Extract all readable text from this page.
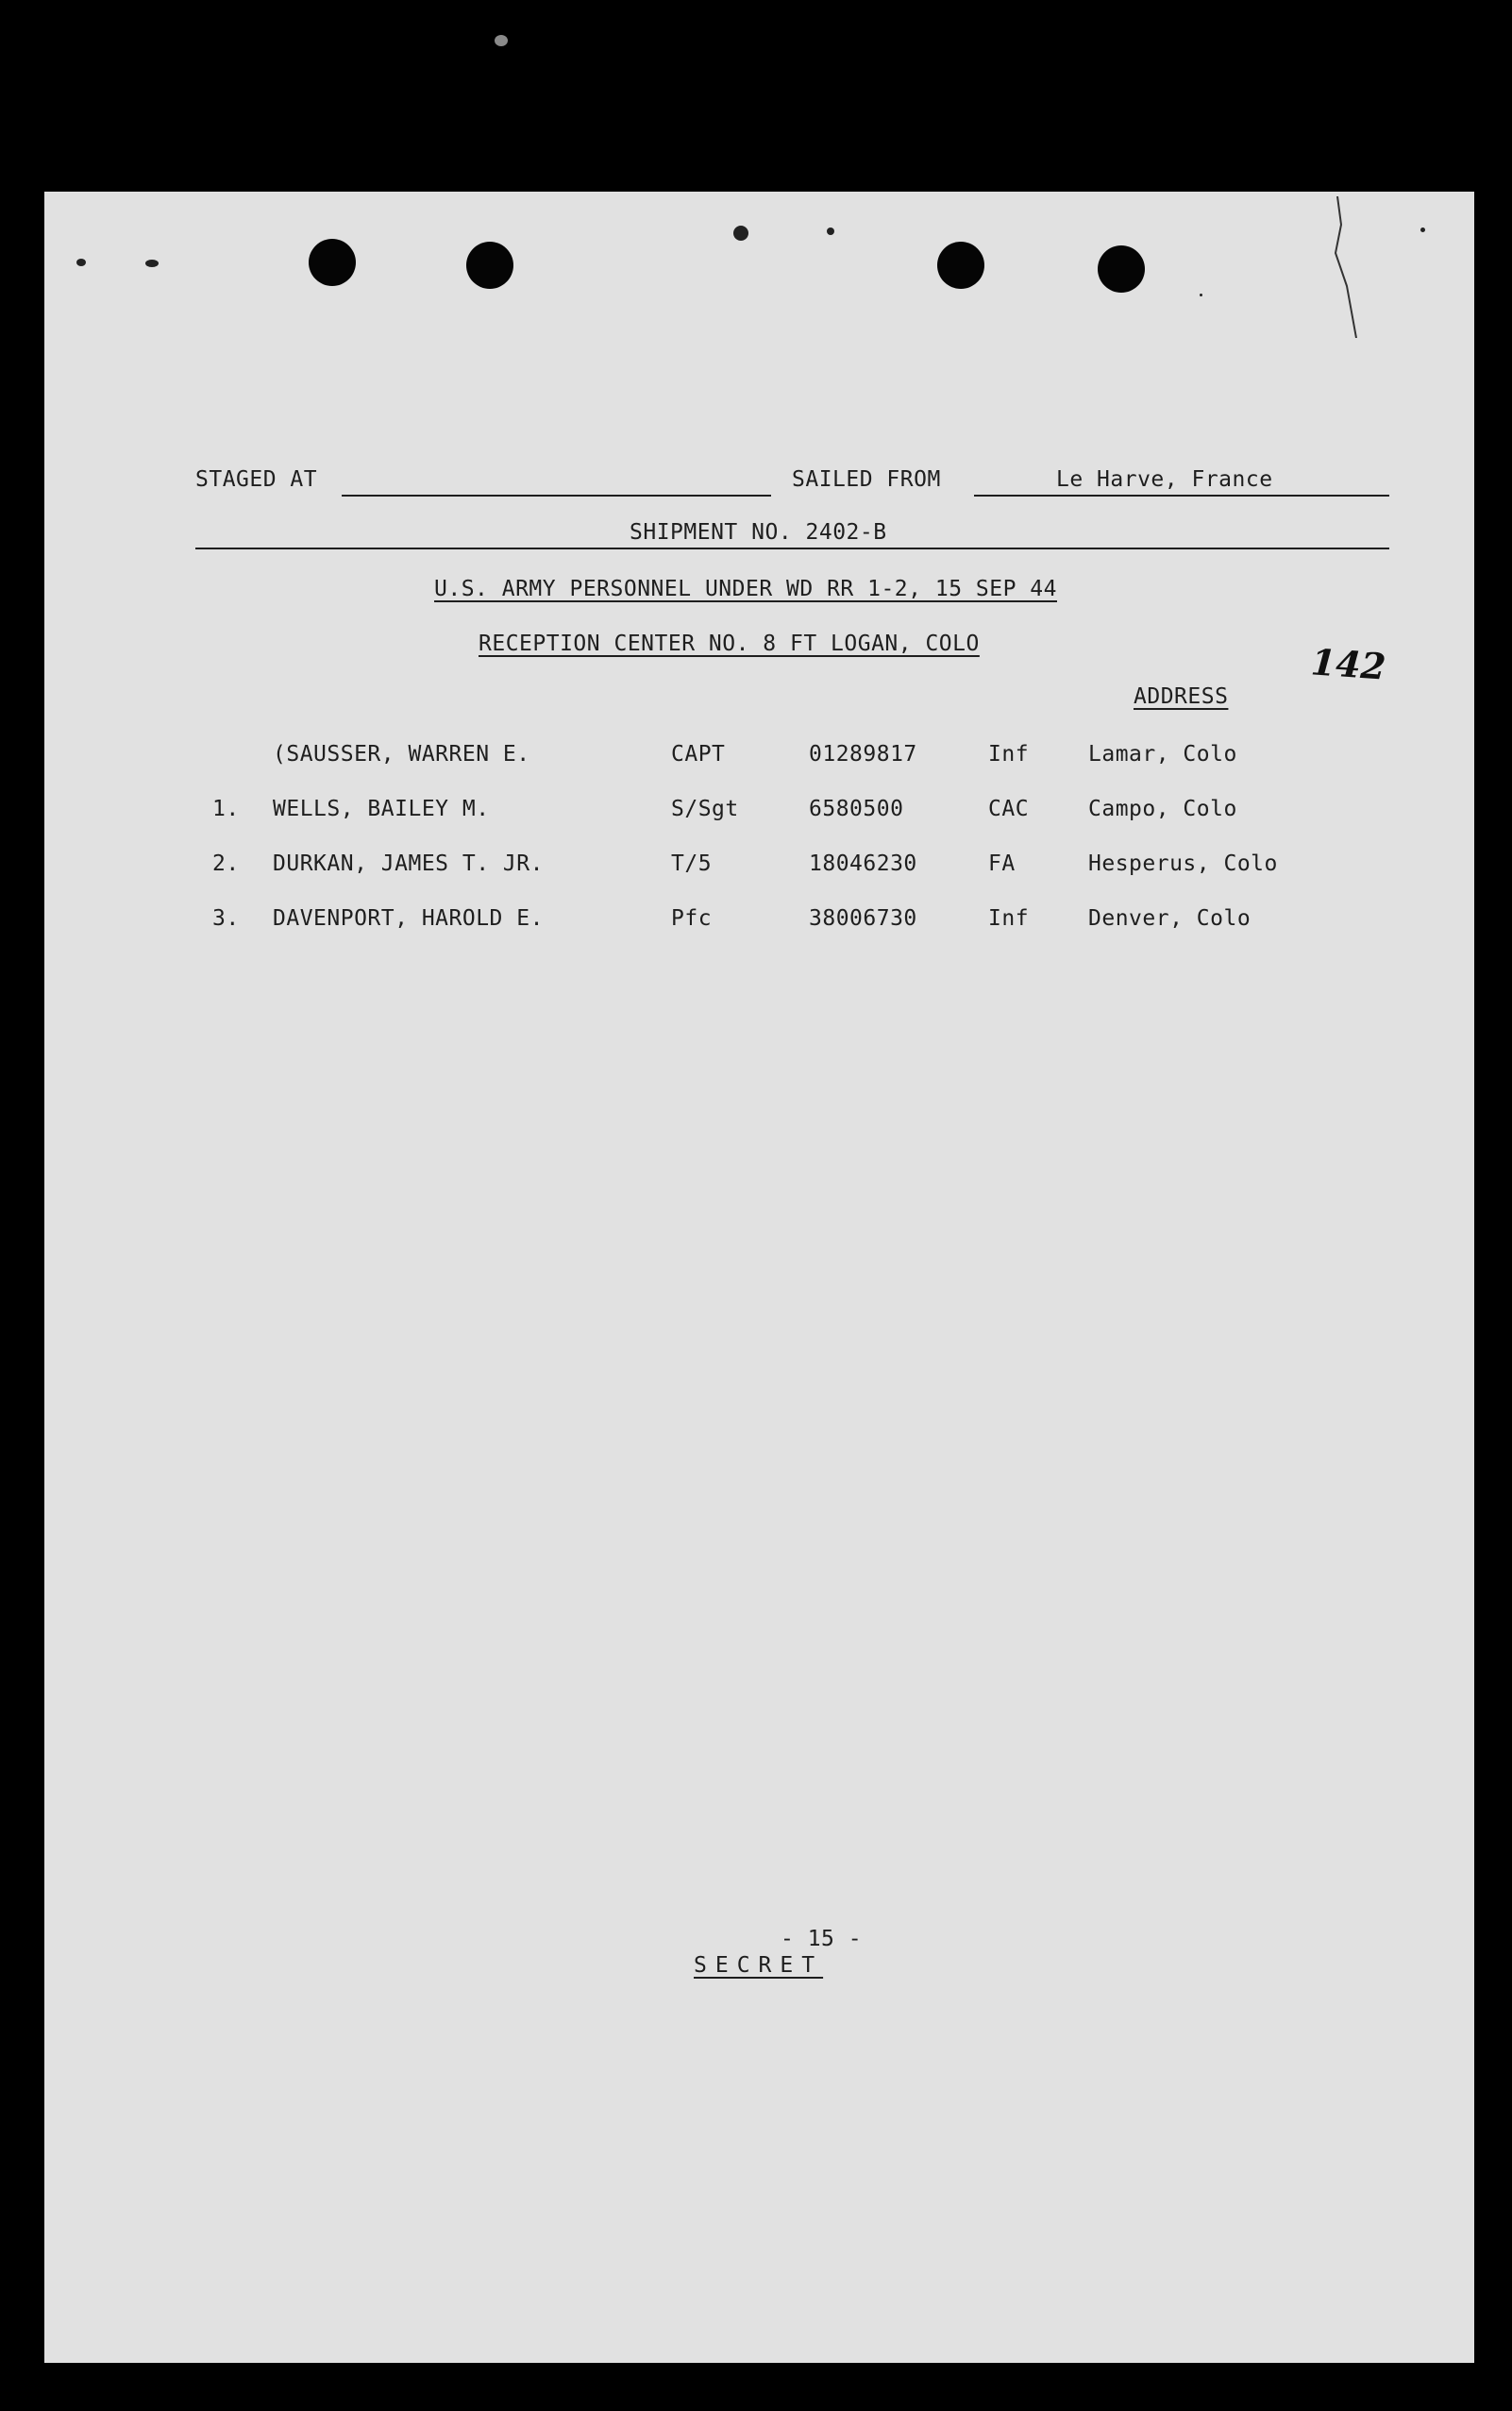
STAGED AT	SAILED FROM	Le Harve, France
SHIPMENT NO. 2402-B
U.S. ARMY PERSONNEL UNDER WD RR 1-2, 15 SEP 44
RECEPTION CENTER NO. 8 FT LOGAN, COLO	142
ADDRESS
(SAUSSER, WARREN E.	CAPT	01289817	Inf	Lamar, Colo
1. WELLS, BAILEY M.	S/Sgt	6580500	CAC	Campo, Colo
2. DURKAN, JAMES T. JR.	T/5	18046230	FA	Hesperus, Colo
3. DAVENPORT, HAROLD E.	Pfc	38006730	Inf	Denver, Colo
- 15 -
SECRET
